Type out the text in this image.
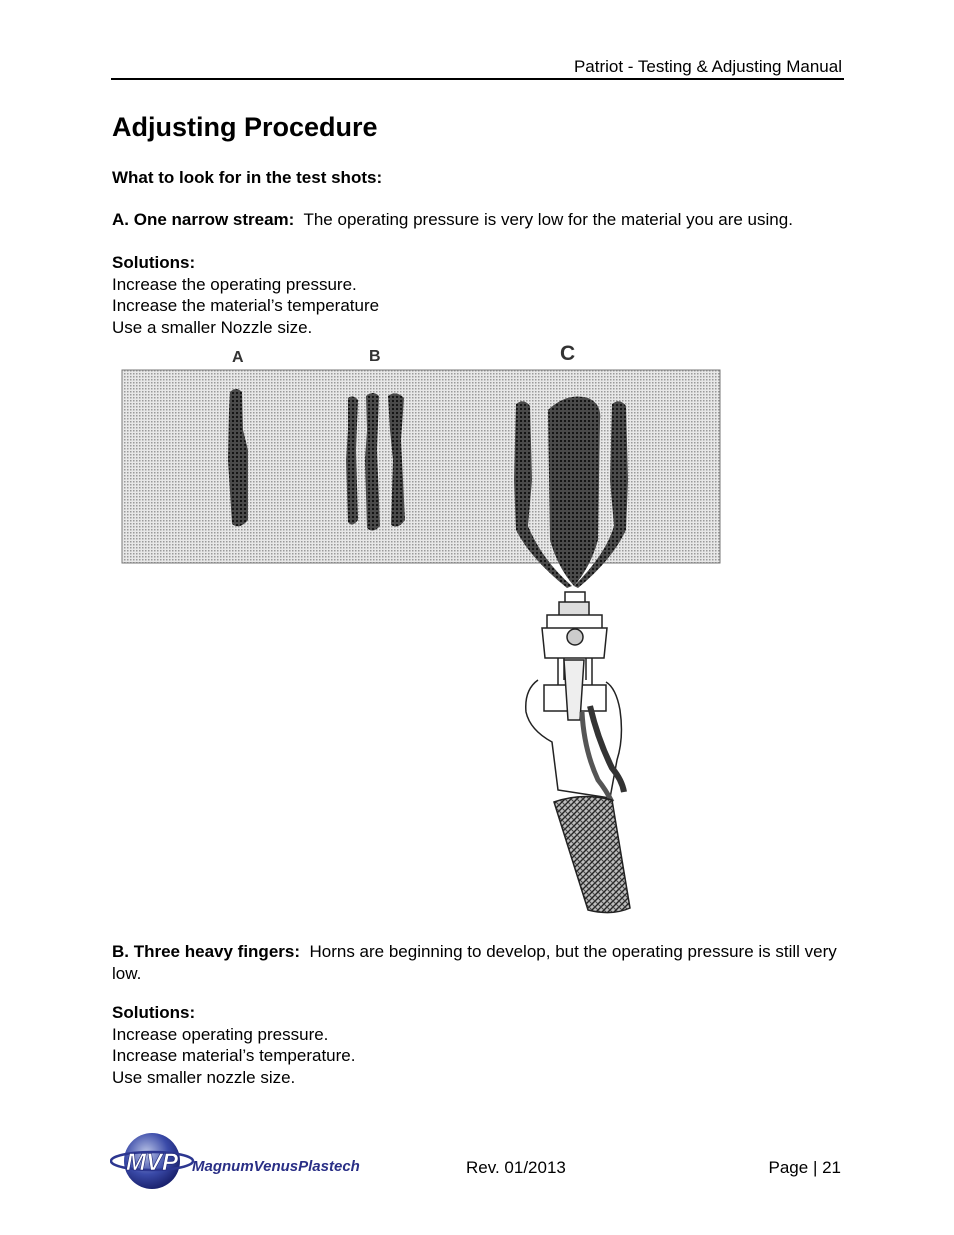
Patriot - Testing & Adjusting Manual
Adjusting Procedure

What to look for in the test shots:

A. One narrow stream: The operating pressure is very low for the material you are using.

Solutions:
Increase the operating pressure.
Increase the material’s temperature
Use a smaller Nozzle size.
A	B	C

B. Three heavy fingers: Horns are beginning to develop, but the operating pressure is still very low.

Solutions:
Increase operating pressure.
Increase material’s temperature.
Use smaller nozzle size.
MVP MagnumVenusPlastech	Rev. 01/2013	Page | 21
